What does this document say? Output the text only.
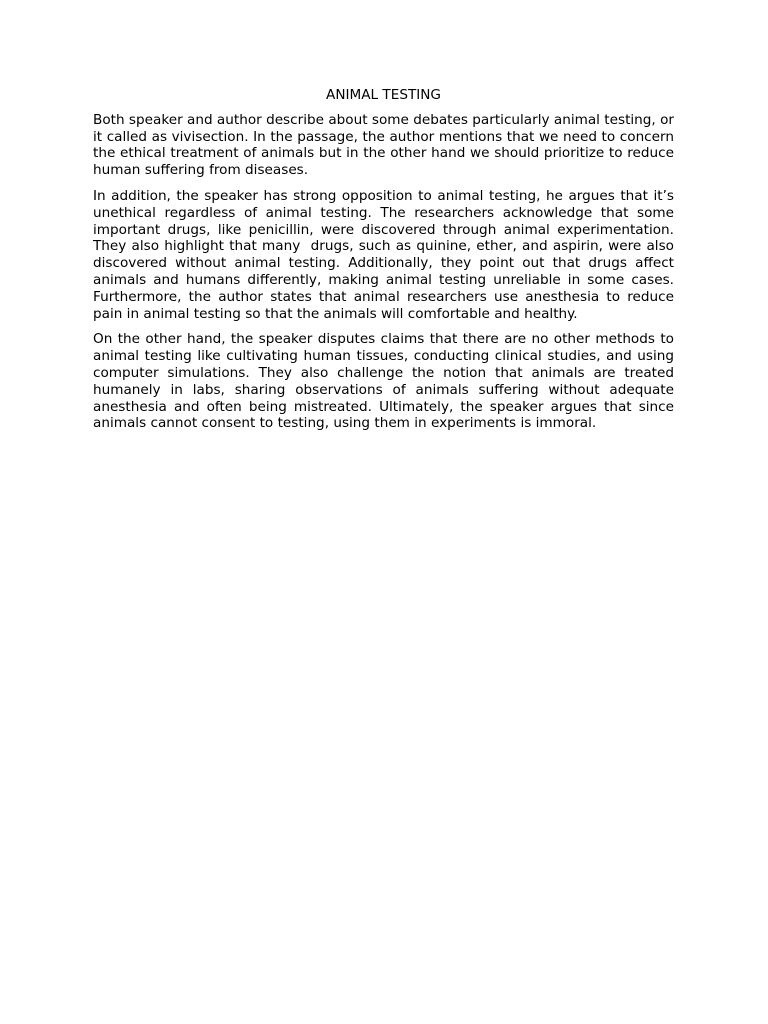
ANIMAL TESTING

Both speaker and author describe about some debates particularly animal testing, or it called as vivisection. In the passage, the author mentions that we need to concern the ethical treatment of animals but in the other hand we should prioritize to reduce human suffering from diseases.

In addition, the speaker has strong opposition to animal testing, he argues that it’s unethical regardless of animal testing. The researchers acknowledge that some important drugs, like penicillin, were discovered through animal experimentation. They also highlight that many  drugs, such as quinine, ether, and aspirin, were also discovered without animal testing. Additionally, they point out that drugs affect animals and humans differently, making animal testing unreliable in some cases. Furthermore, the author states that animal researchers use anesthesia to reduce pain in animal testing so that the animals will comfortable and healthy.

On the other hand, the speaker disputes claims that there are no other methods to animal testing like cultivating human tissues, conducting clinical studies, and using computer simulations. They also challenge the notion that animals are treated humanely in labs, sharing observations of animals suffering without adequate anesthesia and often being mistreated. Ultimately, the speaker argues that since animals cannot consent to testing, using them in experiments is immoral.
